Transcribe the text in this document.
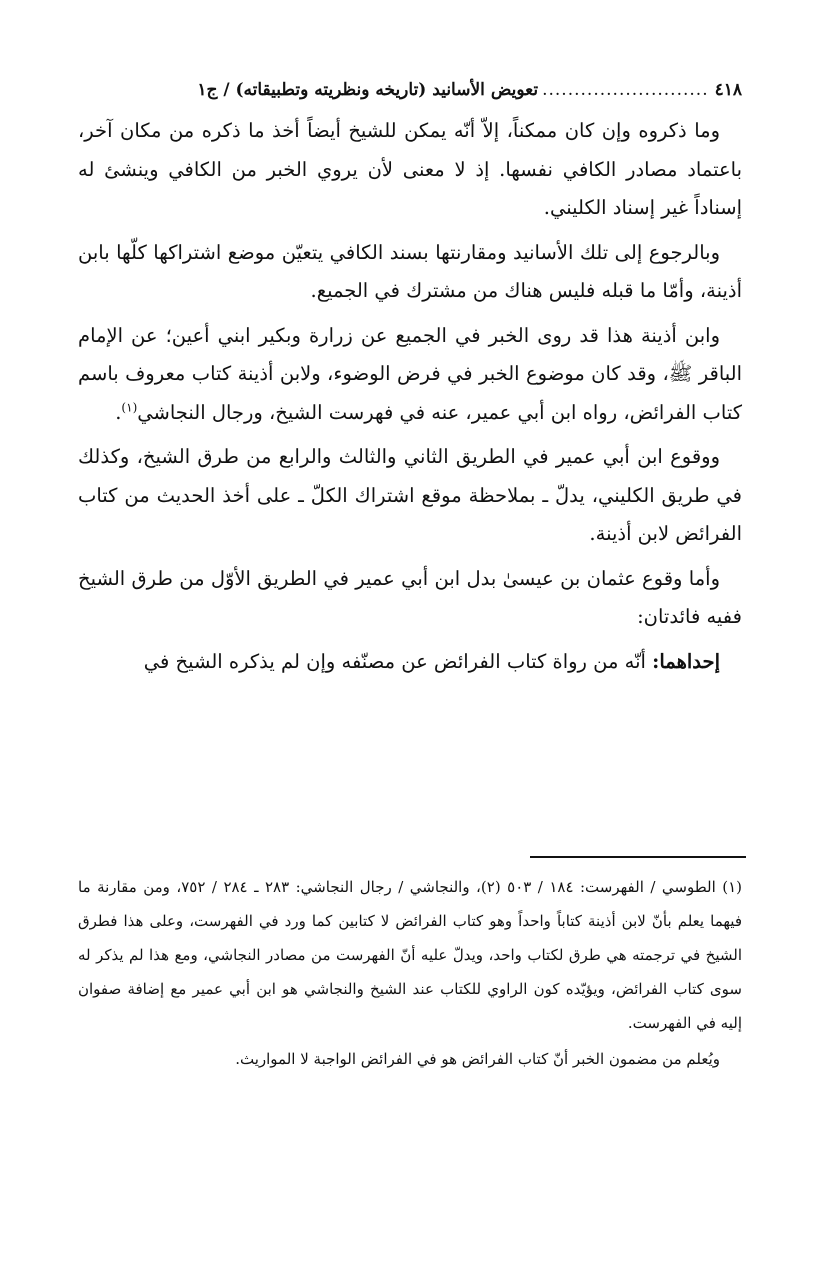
٤١٨
..........................
تعويض الأسانيد (تاريخه ونظريته وتطبيقاته) / ج١

وما ذكروه وإن كان ممكناً، إلاّ أنّه يمكن للشيخ أيضاً أخذ ما ذكره من مكان آخر، باعتماد مصادر الكافي نفسها. إذ لا معنى لأن يروي الخبر من الكافي وينشئ له إسناداً غير إسناد الكليني.

وبالرجوع إلى تلك الأسانيد ومقارنتها بسند الكافي يتعيّن موضع اشتراكها كلّها بابن أذينة، وأمّا ما قبله فليس هناك من مشترك في الجميع.

وابن أذينة هذا قد روى الخبر في الجميع عن زرارة وبكير ابني أعين؛ عن الإمام الباقر ﷺ، وقد كان موضوع الخبر في فرض الوضوء، ولابن أذينة كتاب معروف باسم كتاب الفرائض، رواه ابن أبي عمير، عنه في فهرست الشيخ، ورجال النجاشي$^{(١)}$.

ووقوع ابن أبي عمير في الطريق الثاني والثالث والرابع من طرق الشيخ، وكذلك في طريق الكليني، يدلّ ـ بملاحظة موقع اشتراك الكلّ ـ على أخذ الحديث من كتاب الفرائض لابن أذينة.

وأما وقوع عثمان بن عيسىٰ بدل ابن أبي عمير في الطريق الأوّل من طرق الشيخ ففيه فائدتان:

إحداهما: أنّه من رواة كتاب الفرائض عن مصنّفه وإن لم يذكره الشيخ في

(١) الطوسي / الفهرست: ١٨٤ / ٥٠٣ (٢)، والنجاشي / رجال النجاشي: ٢٨٣ ـ ٢٨٤ / ٧٥٢، ومن مقارنة ما فيهما يعلم بأنّ لابن أذينة كتاباً واحداً وهو كتاب الفرائض لا كتابين كما ورد في الفهرست، وعلى هذا فطرق الشيخ في ترجمته هي طرق لكتاب واحد، ويدلّ عليه أنّ الفهرست من مصادر النجاشي، ومع هذا لم يذكر له سوى كتاب الفرائض، ويؤيّده كون الراوي للكتاب عند الشيخ والنجاشي هو ابن أبي عمير مع إضافة صفوان إليه في الفهرست.

ويُعلم من مضمون الخبر أنّ كتاب الفرائض هو في الفرائض الواجبة لا المواريث.
